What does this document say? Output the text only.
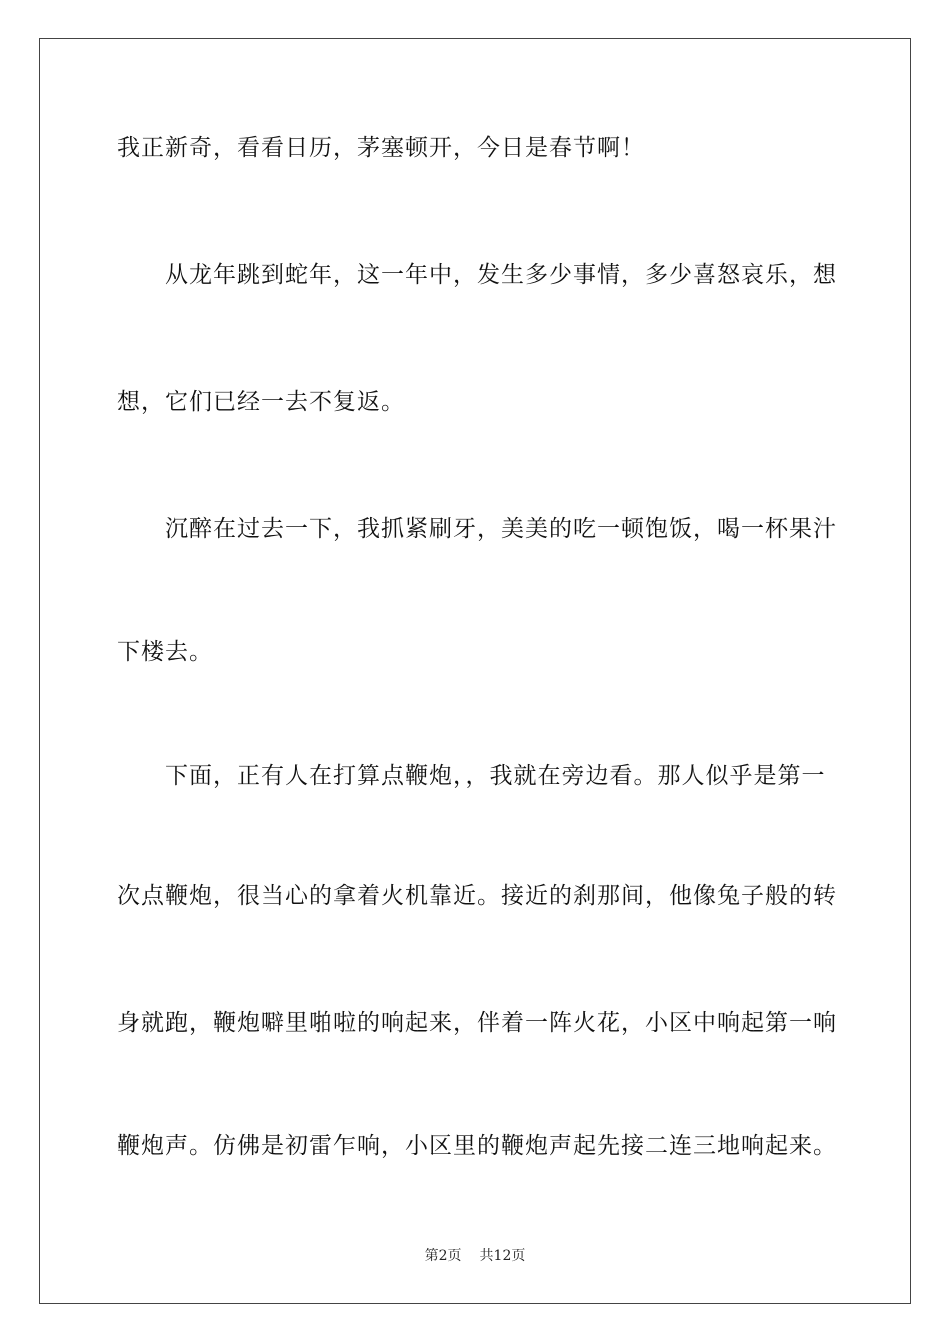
我正新奇，看看日历，茅塞顿开，今日是春节啊！
从龙年跳到蛇年，这一年中，发生多少事情，多少喜怒哀乐，想
想，它们已经一去不复返。
沉醉在过去一下，我抓紧刷牙，美美的吃一顿饱饭，喝一杯果汁
下楼去。
下面，正有人在打算点鞭炮，，我就在旁边看。那人似乎是第一
次点鞭炮，很当心的拿着火机靠近。接近的刹那间，他像兔子般的转
身就跑，鞭炮噼里啪啦的响起来，伴着一阵火花，小区中响起第一响
鞭炮声。仿佛是初雷乍响，小区里的鞭炮声起先接二连三地响起来。
第2页 共12页
